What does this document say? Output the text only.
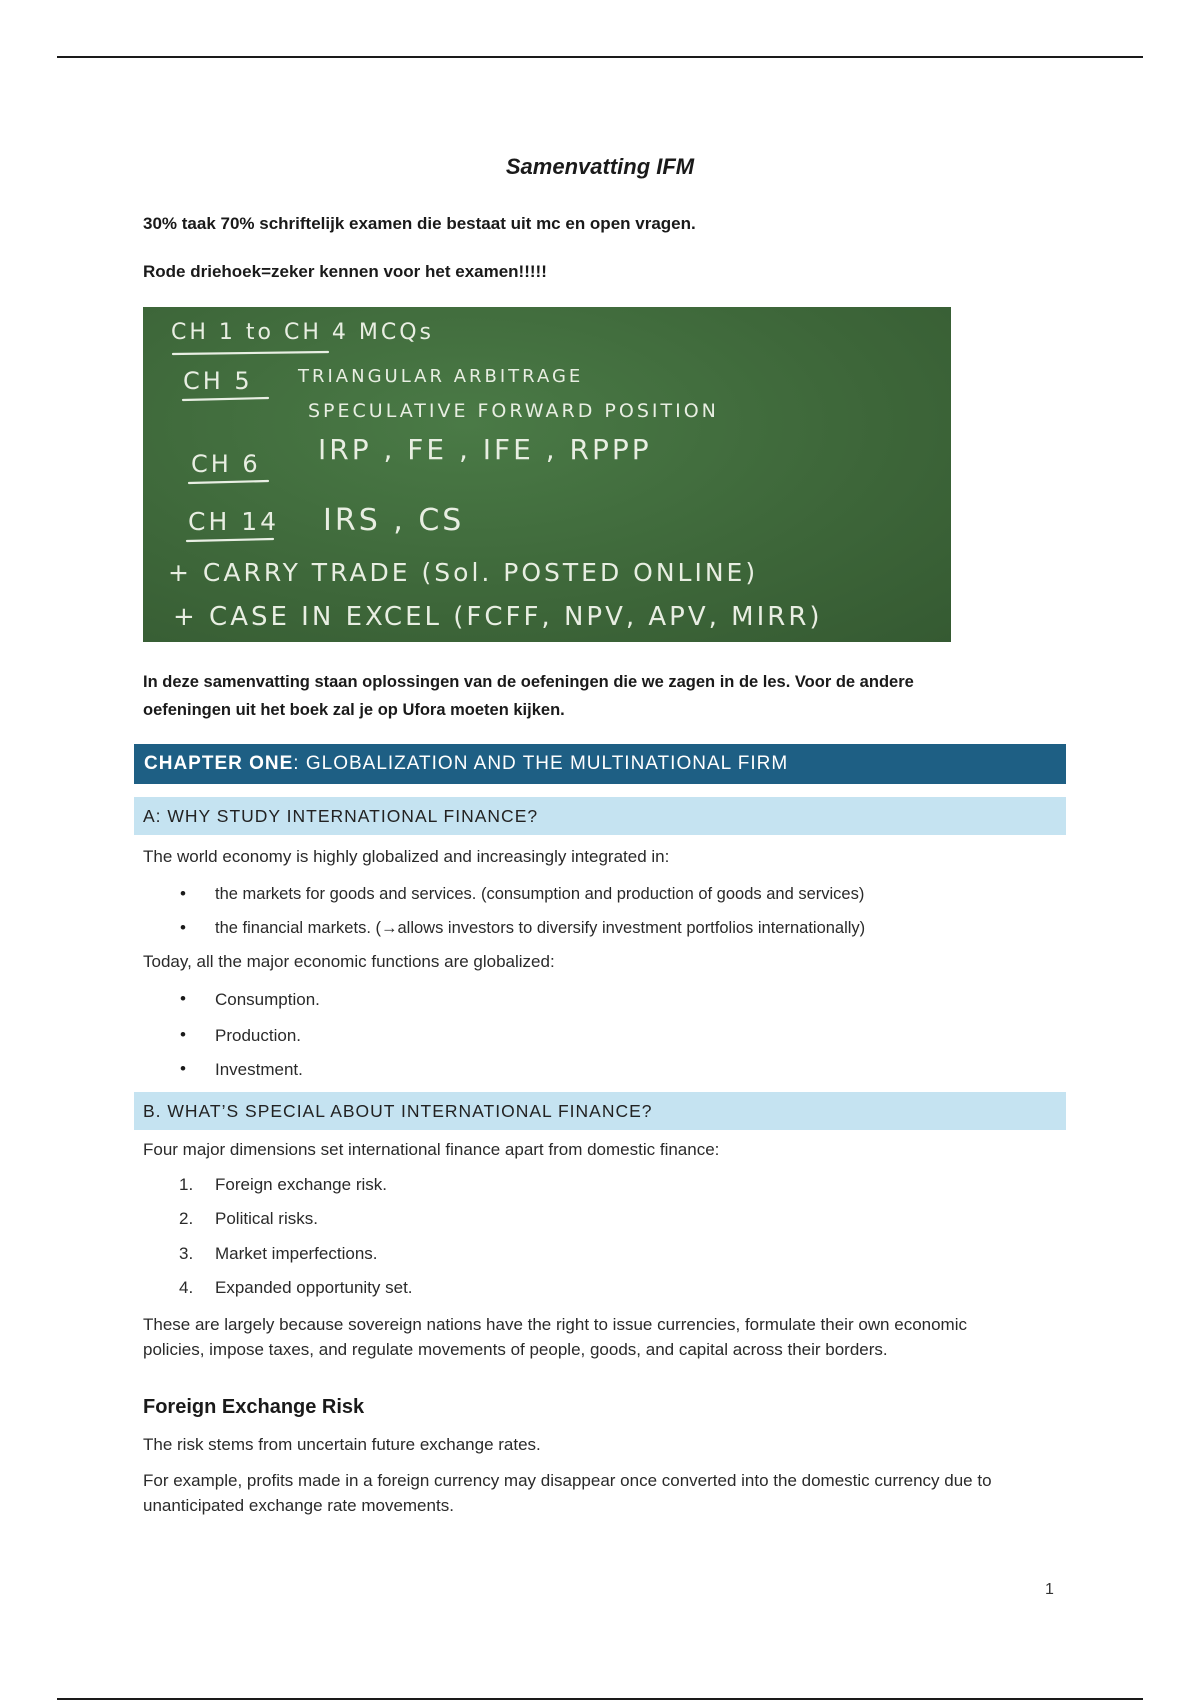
Samenvatting IFM
30% taak 70% schriftelijk examen die bestaat uit mc en open vragen.
Rode driehoek=zeker kennen voor het examen!!!!!
CH 1 to CH 4 MCQs
CH 5	TRIANGULAR ARBITRAGE
SPECULATIVE FORWARD POSITION
CH 6 IRP , FE , IFE , RPPP
CH 14 IRS , CS
+ CARRY TRADE (Sol. POSTED ONLINE)
+ CASE IN EXCEL (FCFF, NPV, APV, MIRR)
In deze samenvatting staan oplossingen van de oefeningen die we zagen in de les. Voor de andere oefeningen uit het boek zal je op Ufora moeten kijken.
CHAPTER ONE : GLOBALIZATION AND THE MULTINATIONAL FIRM
A: WHY STUDY INTERNATIONAL FINANCE?
The world economy is highly globalized and increasingly integrated in:
• the markets for goods and services. (consumption and production of goods and services)
• the financial markets. (→allows investors to diversify investment portfolios internationally)
Today, all the major economic functions are globalized:
• Consumption.
• Production.
• Investment.
B. WHAT’S SPECIAL ABOUT INTERNATIONAL FINANCE?
Four major dimensions set international finance apart from domestic finance:
1. Foreign exchange risk.
2. Political risks.
3. Market imperfections.
4. Expanded opportunity set.
These are largely because sovereign nations have the right to issue currencies, formulate their own economic policies, impose taxes, and regulate movements of people, goods, and capital across their borders.
Foreign Exchange Risk
The risk stems from uncertain future exchange rates.
For example, profits made in a foreign currency may disappear once converted into the domestic currency due to unanticipated exchange rate movements.
1
